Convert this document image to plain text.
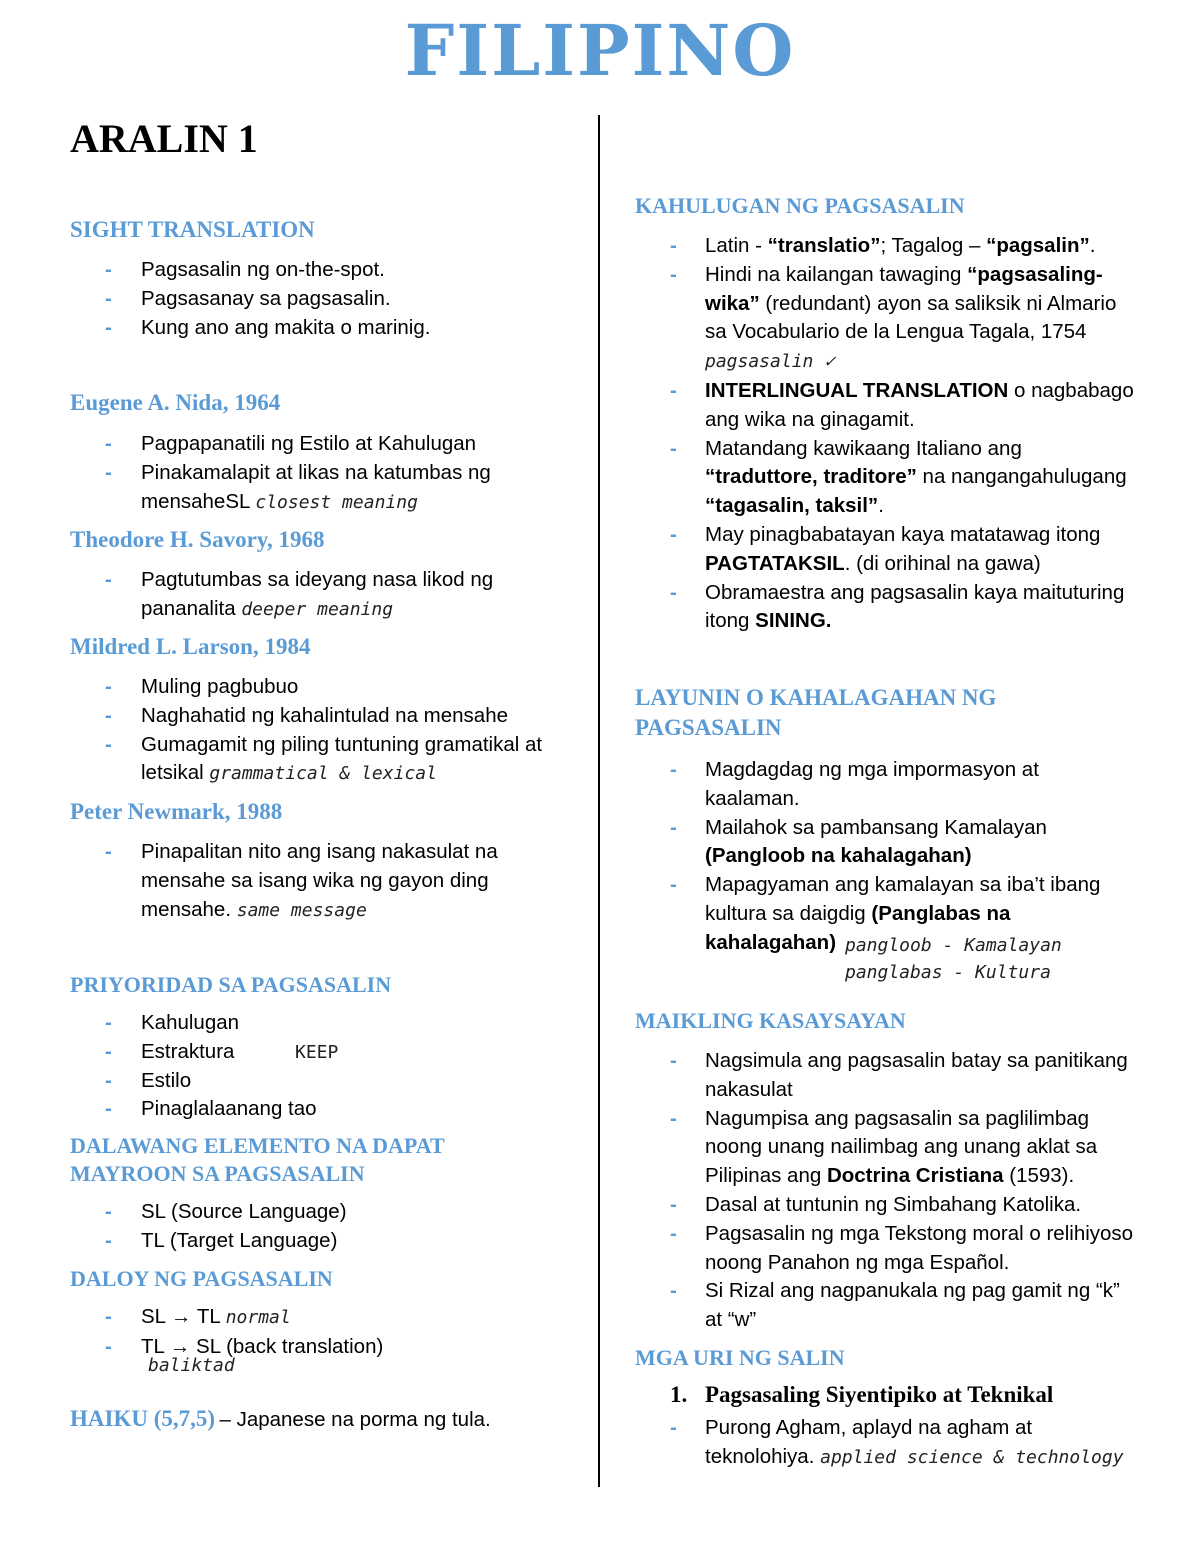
FILIPINO
ARALIN 1
SIGHT TRANSLATION
- Pagsasalin ng on-the-spot.
- Pagsasanay sa pagsasalin.
- Kung ano ang makita o marinig.
Eugene A. Nida, 1964
- Pagpapanatili ng Estilo at Kahulugan
- Pinakamalapit at likas na katumbas ng mensaheSL closest meaning
Theodore H. Savory, 1968
- Pagtutumbas sa ideyang nasa likod ng pananalita deeper meaning
Mildred L. Larson, 1984
- Muling pagbubuo
- Naghahatid ng kahalintulad na mensahe
- Gumagamit ng piling tuntuning gramatikal at letsikal grammatical & lexical
Peter Newmark, 1988
- Pinapalitan nito ang isang nakasulat na mensahe sa isang wika ng gayon ding mensahe. same message
PRIYORIDAD SA PAGSASALIN
- Kahulugan
- Estraktura
- Estilo
- Pinaglalaanang tao
KEEP
DALAWANG ELEMENTO NA DAPAT
MAYROON SA PAGSASALIN
- SL (Source Language)
- TL (Target Language)
DALOY NG PAGSASALIN
- SL → TL normal
- TL → SL (back translation)
baliktad
HAIKU (5,7,5) – Japanese na porma ng tula.
KAHULUGAN NG PAGSASALIN
- Latin - “translatio”; Tagalog – “pagsalin”.
- Hindi na kailangan tawaging “pagsasaling-wika” (redundant) ayon sa saliksik ni Almario sa Vocabulario de la Lengua Tagala, 1754 pagsasalin ✓
- INTERLINGUAL TRANSLATION o nagbabago ang wika na ginagamit.
- Matandang kawikaang Italiano ang “traduttore, traditore” na nangangahulugang “tagasalin, taksil”.
- May pinagbabatayan kaya matatawag itong PAGTATAKSIL. (di orihinal na gawa)
- Obramaestra ang pagsasalin kaya maituturing itong SINING.
LAYUNIN O KAHALAGAHAN NG
PAGSASALIN
- Magdagdag ng mga impormasyon at kaalaman.
- Mailahok sa pambansang Kamalayan (Pangloob na kahalagahan)
- Mapagyaman ang kamalayan sa iba’t ibang kultura sa daigdig (Panglabas na kahalagahan) pangloob - Kamalayan
panglabas - Kultura
MAIKLING KASAYSAYAN
- Nagsimula ang pagsasalin batay sa panitikang nakasulat
- Nagumpisa ang pagsasalin sa paglilimbag noong unang nailimbag ang unang aklat sa Pilipinas ang Doctrina Cristiana (1593).
- Dasal at tuntunin ng Simbahang Katolika.
- Pagsasalin ng mga Tekstong moral o relihiyoso noong Panahon ng mga Español.
- Si Rizal ang nagpanukala ng pag gamit ng “k” at “w”
MGA URI NG SALIN
1. Pagsasaling Siyentipiko at Teknikal
- Purong Agham, aplayd na agham at teknolohiya. applied science & technology
